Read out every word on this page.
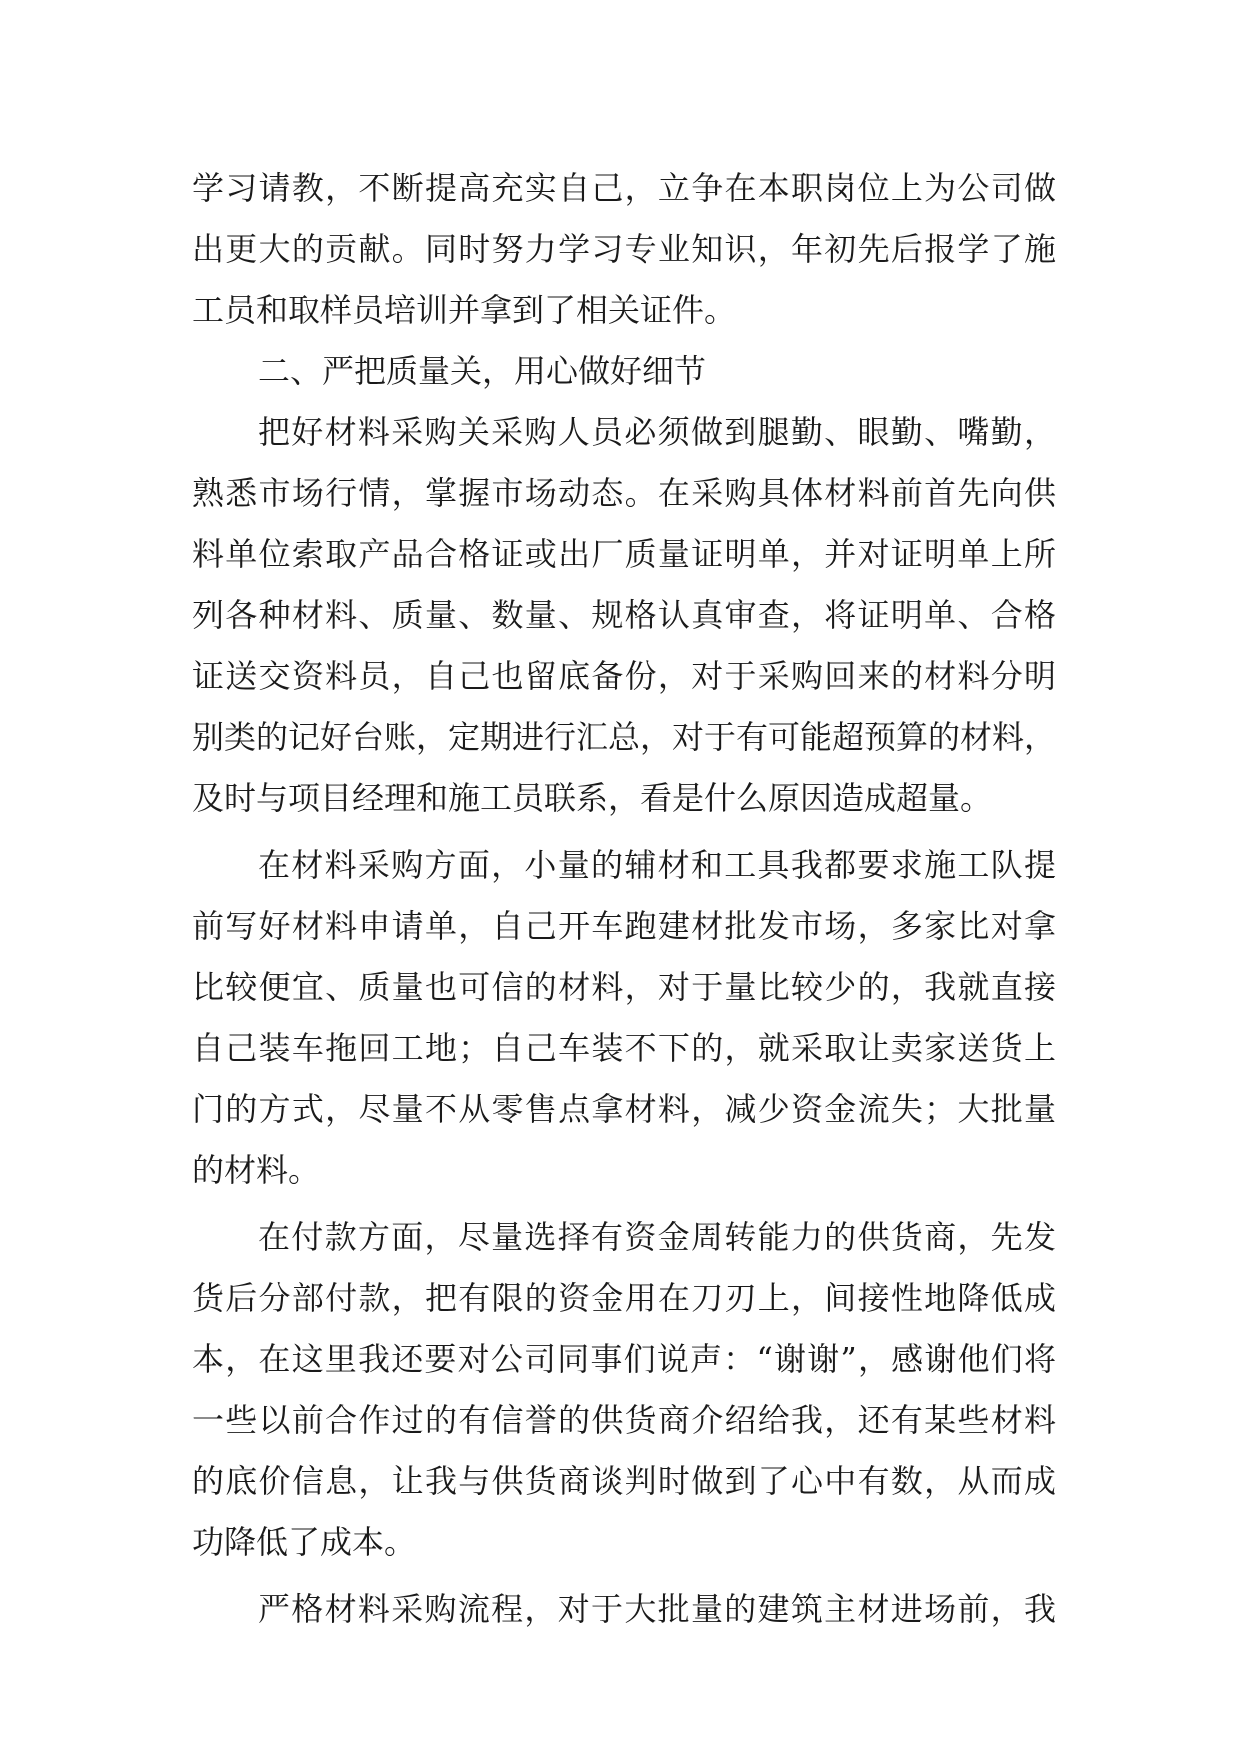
学习请教，不断提高充实自己，立争在本职岗位上为公司做
出更大的贡献。同时努力学习专业知识，年初先后报学了施
工员和取样员培训并拿到了相关证件。
二、严把质量关，用心做好细节
把好材料采购关采购人员必须做到腿勤、眼勤、嘴勤，
熟悉市场行情，掌握市场动态。在采购具体材料前首先向供
料单位索取产品合格证或出厂质量证明单，并对证明单上所
列各种材料、质量、数量、规格认真审查，将证明单、合格
证送交资料员，自己也留底备份，对于采购回来的材料分明
别类的记好台账，定期进行汇总，对于有可能超预算的材料，
及时与项目经理和施工员联系，看是什么原因造成超量。
在材料采购方面，小量的辅材和工具我都要求施工队提
前写好材料申请单，自己开车跑建材批发市场，多家比对拿
比较便宜、质量也可信的材料，对于量比较少的，我就直接
自己装车拖回工地；自己车装不下的，就采取让卖家送货上
门的方式，尽量不从零售点拿材料，减少资金流失；大批量
的材料。
在付款方面，尽量选择有资金周转能力的供货商，先发
货后分部付款，把有限的资金用在刀刃上，间接性地降低成
本，在这里我还要对公司同事们说声：“谢谢”，感谢他们将
一些以前合作过的有信誉的供货商介绍给我，还有某些材料
的底价信息，让我与供货商谈判时做到了心中有数，从而成
功降低了成本。
严格材料采购流程，对于大批量的建筑主材进场前，我
